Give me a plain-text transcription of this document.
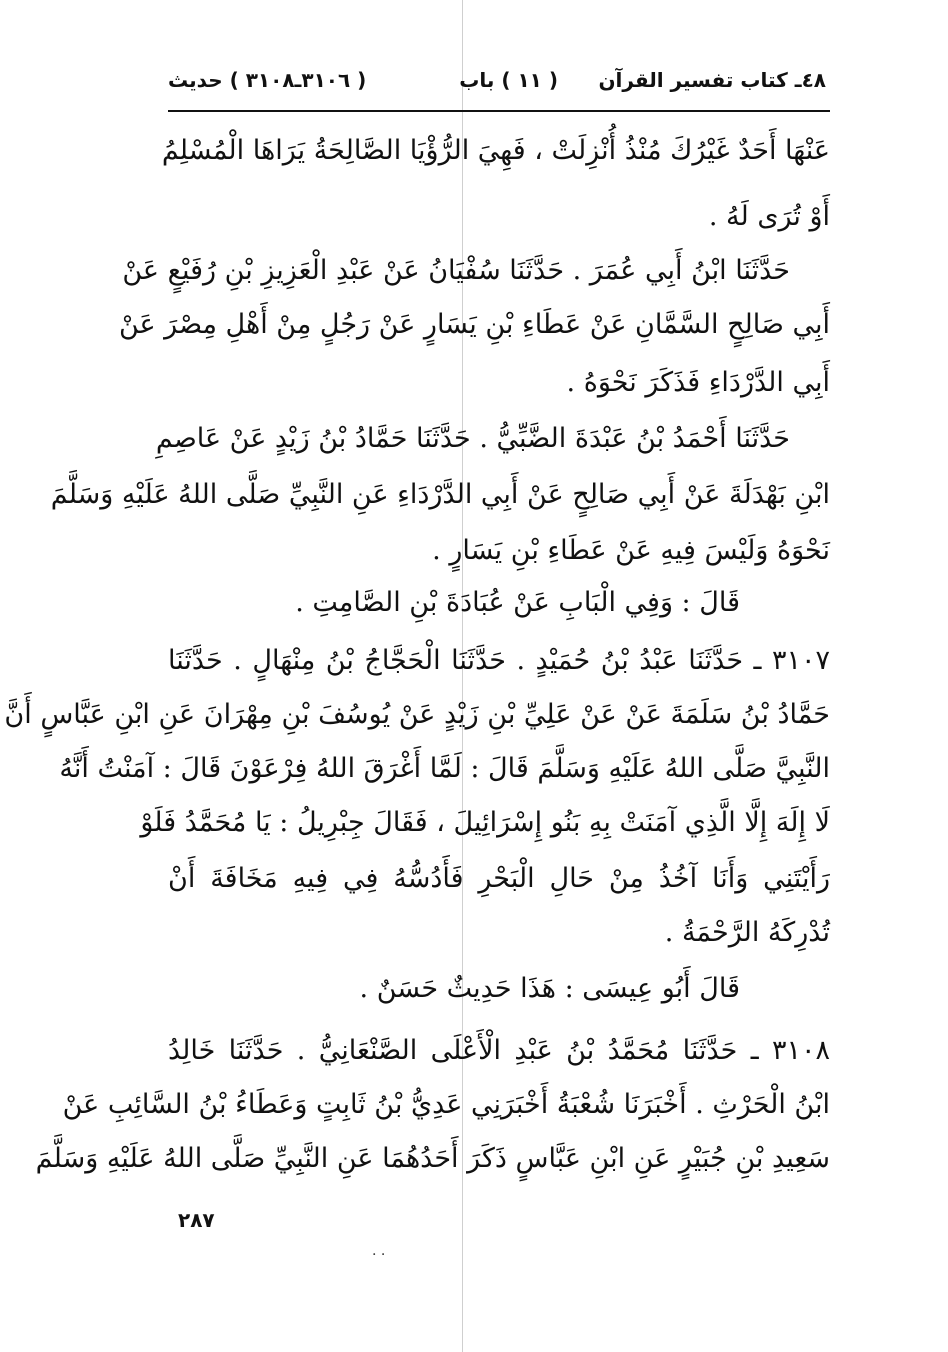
٤٨ـ كتاب تفسير القرآن
( ١١ ) باب
( ٣١٠٦ـ٣١٠٨ ) حديث
عَنْهَا أَحَدٌ غَيْرُكَ مُنْذُ أُنْزِلَتْ ، فَهِيَ الرُّؤْيَا الصَّالِحَةُ يَرَاهَا الْمُسْلِمُ
أَوْ تُرَى لَهُ .
حَدَّثَنَا ابْنُ أَبِي عُمَرَ . حَدَّثَنَا سُفْيَانُ عَنْ عَبْدِ الْعَزِيزِ بْنِ رُفَيْعٍ عَنْ
أَبِي صَالِحٍ السَّمَّانِ عَنْ عَطَاءِ بْنِ يَسَارٍ عَنْ رَجُلٍ مِنْ أَهْلِ مِصْرَ عَنْ
أَبِي الدَّرْدَاءِ فَذَكَرَ نَحْوَهُ .
حَدَّثَنَا أَحْمَدُ بْنُ عَبْدَةَ الضَّبِّيُّ . حَدَّثَنَا حَمَّادُ بْنُ زَيْدٍ عَنْ عَاصِمِ
ابْنِ بَهْدَلَةَ عَنْ أَبِي صَالِحٍ عَنْ أَبِي الدَّرْدَاءِ عَنِ النَّبِيِّ صَلَّى اللهُ عَلَيْهِ وَسَلَّمَ
نَحْوَهُ وَلَيْسَ فِيهِ عَنْ عَطَاءِ بْنِ يَسَارٍ .
قَالَ : وَفِي الْبَابِ عَنْ عُبَادَةَ بْنِ الصَّامِتِ .
٣١٠٧ ـ حَدَّثَنَا عَبْدُ بْنُ حُمَيْدٍ . حَدَّثَنَا الْحَجَّاجُ بْنُ مِنْهَالٍ . حَدَّثَنَا
حَمَّادُ بْنُ سَلَمَةَ عَنْ عَنْ عَلِيِّ بْنِ زَيْدٍ عَنْ يُوسُفَ بْنِ مِهْرَانَ عَنِ ابْنِ عَبَّاسٍ أَنَّ
النَّبِيَّ صَلَّى اللهُ عَلَيْهِ وَسَلَّمَ قَالَ : لَمَّا أَغْرَقَ اللهُ فِرْعَوْنَ قَالَ : آمَنْتُ أَنَّهُ
لَا إِلَهَ إِلَّا الَّذِي آمَنَتْ بِهِ بَنُو إِسْرَائِيلَ ، فَقَالَ جِبْرِيلُ : يَا مُحَمَّدُ فَلَوْ
رَأَيْتَنِي وَأَنَا آخُذُ مِنْ حَالِ الْبَحْرِ فَأَدُسُّهُ فِي فِيهِ مَخَافَةَ أَنْ
تُدْرِكَهُ الرَّحْمَةُ .
قَالَ أَبُو عِيسَى : هَذَا حَدِيثٌ حَسَنٌ .
٣١٠٨ ـ حَدَّثَنَا مُحَمَّدُ بْنُ عَبْدِ الْأَعْلَى الصَّنْعَانِيُّ . حَدَّثَنَا خَالِدُ
ابْنُ الْحَرْثِ . أَخْبَرَنَا شُعْبَةُ أَخْبَرَنِي عَدِيُّ بْنُ ثَابِتٍ وَعَطَاءُ بْنُ السَّائِبِ عَنْ
سَعِيدِ بْنِ جُبَيْرٍ عَنِ ابْنِ عَبَّاسٍ ذَكَرَ أَحَدُهُمَا عَنِ النَّبِيِّ صَلَّى اللهُ عَلَيْهِ وَسَلَّمَ
٢٨٧
. .
